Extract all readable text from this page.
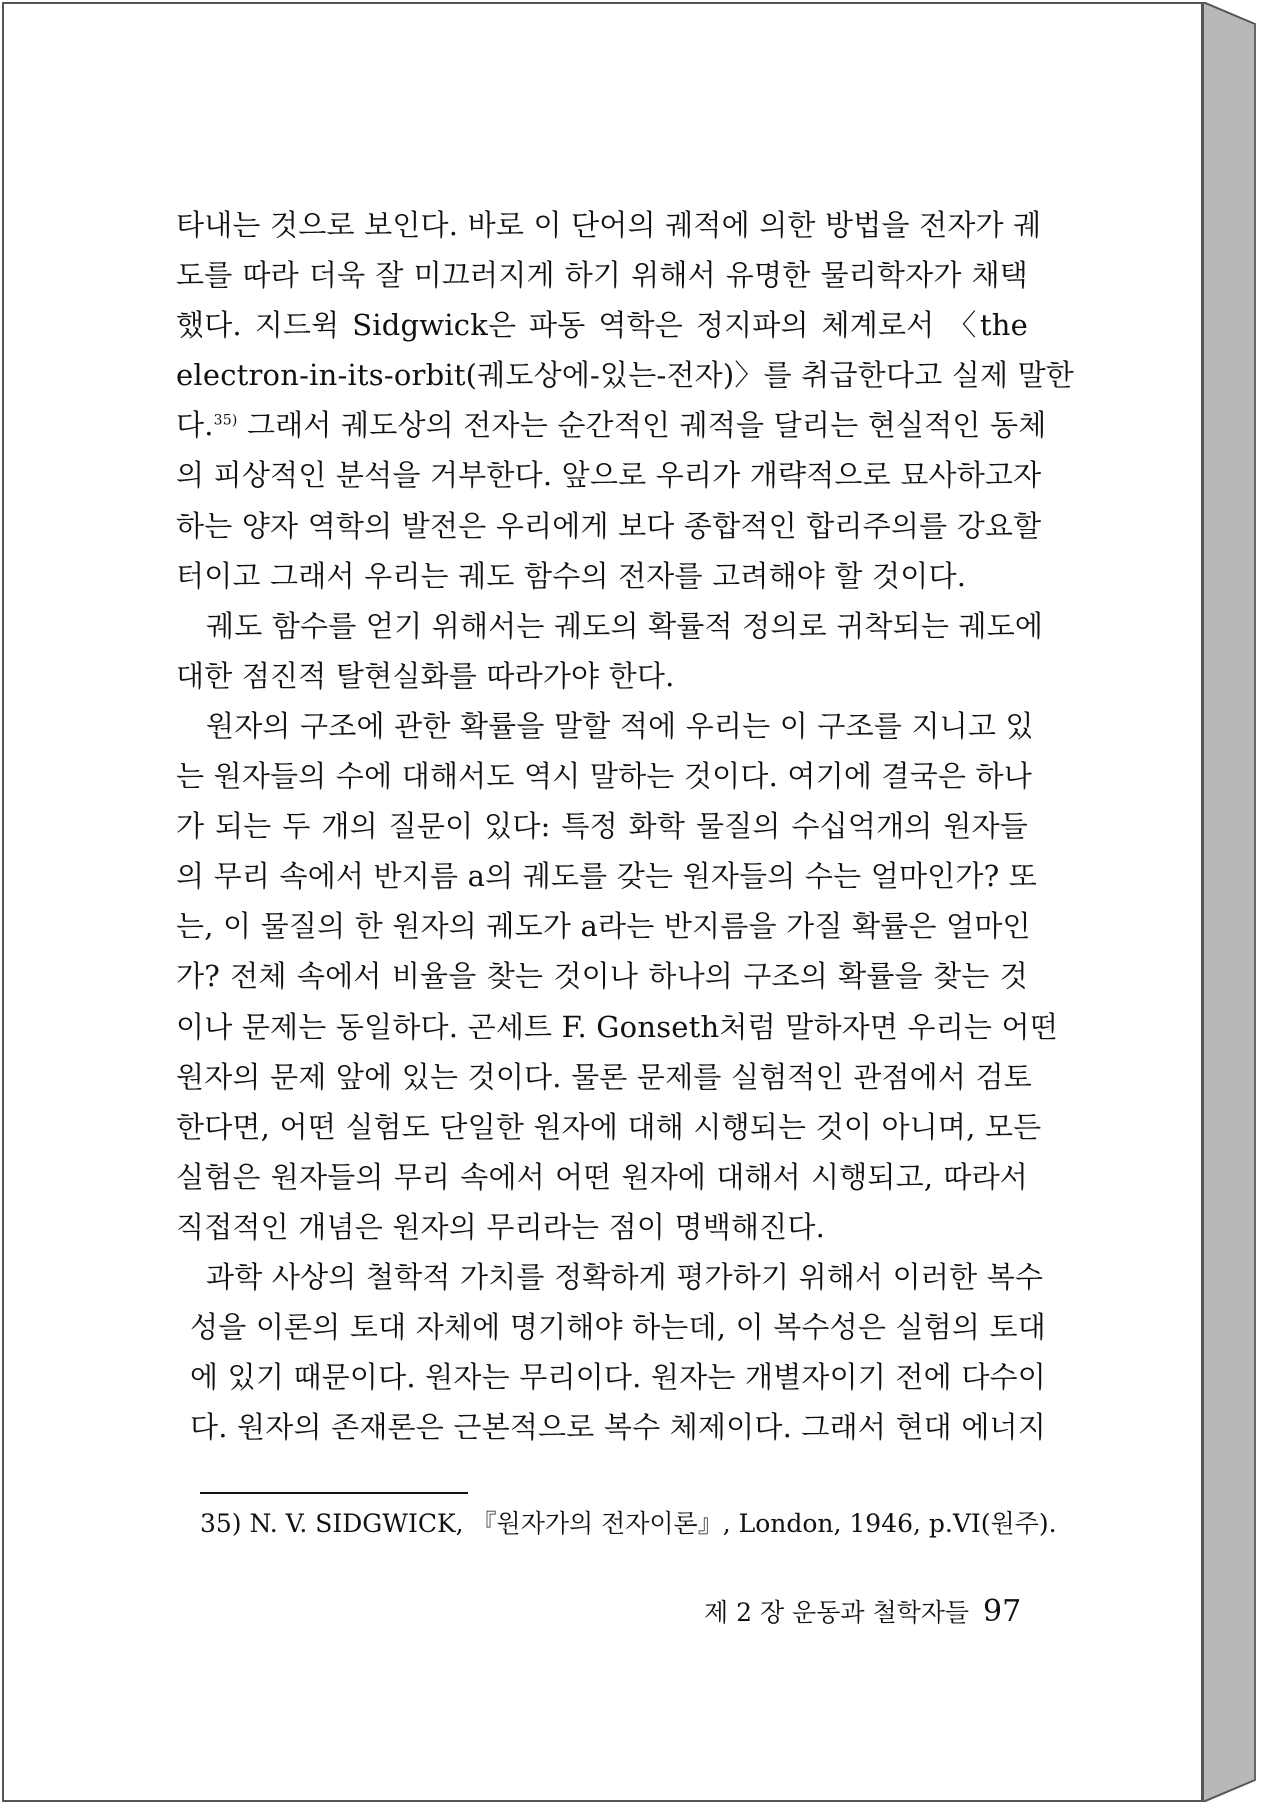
타내는 것으로 보인다. 바로 이 단어의 궤적에 의한 방법을 전자가 궤
도를 따라 더욱 잘 미끄러지게 하기 위해서 유명한 물리학자가 채택
했다. 지드윅 Sidgwick은 파동 역학은 정지파의 체계로서 〈the
electron-in-its-orbit(궤도상에-있는-전자)〉를 취급한다고 실제 말한
다.$^{35)}$ 그래서 궤도상의 전자는 순간적인 궤적을 달리는 현실적인 동체
의 피상적인 분석을 거부한다. 앞으로 우리가 개략적으로 묘사하고자
하는 양자 역학의 발전은 우리에게 보다 종합적인 합리주의를 강요할
터이고 그래서 우리는 궤도 함수의 전자를 고려해야 할 것이다.
궤도 함수를 얻기 위해서는 궤도의 확률적 정의로 귀착되는 궤도에
대한 점진적 탈현실화를 따라가야 한다.
원자의 구조에 관한 확률을 말할 적에 우리는 이 구조를 지니고 있
는 원자들의 수에 대해서도 역시 말하는 것이다. 여기에 결국은 하나
가 되는 두 개의 질문이 있다: 특정 화학 물질의 수십억개의 원자들
의 무리 속에서 반지름 a의 궤도를 갖는 원자들의 수는 얼마인가? 또
는, 이 물질의 한 원자의 궤도가 a라는 반지름을 가질 확률은 얼마인
가? 전체 속에서 비율을 찾는 것이나 하나의 구조의 확률을 찾는 것
이나 문제는 동일하다. 곤세트 F. Gonseth처럼 말하자면 우리는 어떤
원자의 문제 앞에 있는 것이다. 물론 문제를 실험적인 관점에서 검토
한다면, 어떤 실험도 단일한 원자에 대해 시행되는 것이 아니며, 모든
실험은 원자들의 무리 속에서 어떤 원자에 대해서 시행되고, 따라서
직접적인 개념은 원자의 무리라는 점이 명백해진다.
과학 사상의 철학적 가치를 정확하게 평가하기 위해서 이러한 복수
성을 이론의 토대 자체에 명기해야 하는데, 이 복수성은 실험의 토대
에 있기 때문이다. 원자는 무리이다. 원자는 개별자이기 전에 다수이
다. 원자의 존재론은 근본적으로 복수 체제이다. 그래서 현대 에너지
35) N. V. SIDGWICK, 『원자가의 전자이론』, London, 1946, p.VI(원주).
제 2 장 운동과 철학자들 97
